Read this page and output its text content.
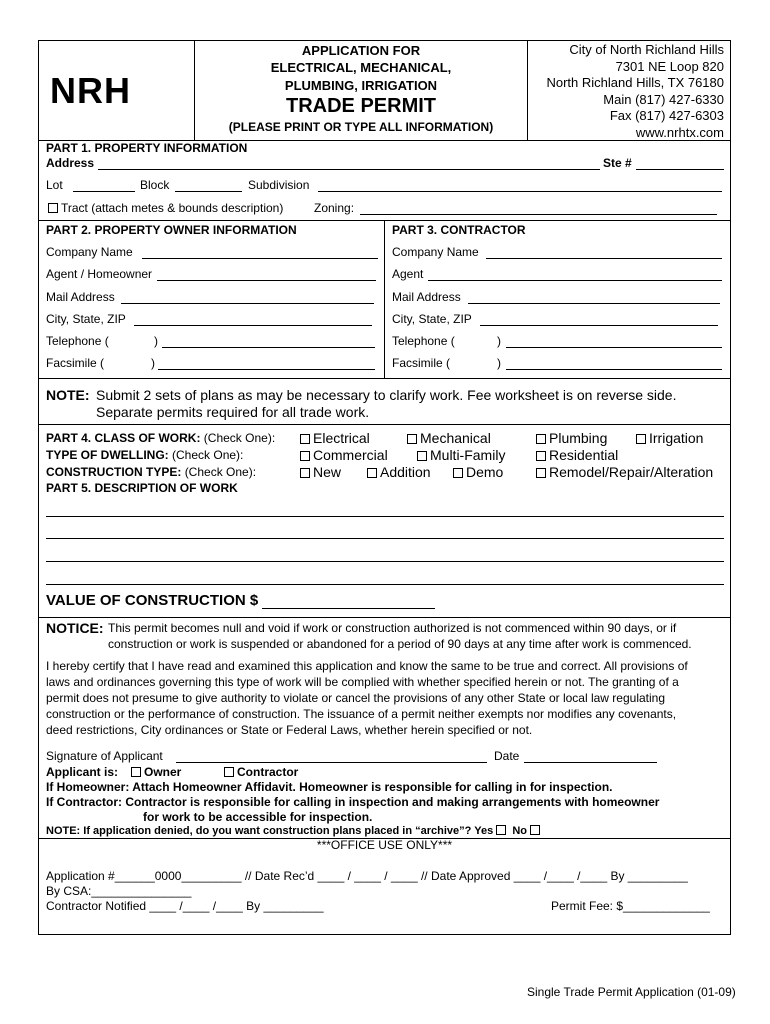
NRH
APPLICATION FOR
ELECTRICAL, MECHANICAL,
PLUMBING, IRRIGATION
TRADE PERMIT
(PLEASE PRINT OR TYPE ALL INFORMATION)
City of North Richland Hills
7301 NE Loop 820
North Richland Hills, TX 76180
Main (817) 427-6330
Fax (817) 427-6303
www.nrhtx.com
PART 1. PROPERTY INFORMATION
Address	Ste #
Lot	Block	Subdivision
Tract (attach metes & bounds description)	Zoning:
PART 2. PROPERTY OWNER INFORMATION
Company Name
Agent / Homeowner
Mail Address
City, State, ZIP
Telephone (	)
Facsimile (	)
PART 3. CONTRACTOR
Company Name
Agent
Mail Address
City, State, ZIP
Telephone (	)
Facsimile (	)
NOTE: Submit 2 sets of plans as may be necessary to clarify work. Fee worksheet is on reverse side.
Separate permits required for all trade work.
PART 4. CLASS OF WORK: (Check One):	Electrical	Mechanical	Plumbing	Irrigation
TYPE OF DWELLING: (Check One):	Commercial	Multi-Family	Residential
CONSTRUCTION TYPE: (Check One):	New	Addition	Demo	Remodel/Repair/Alteration
PART 5. DESCRIPTION OF WORK
VALUE OF CONSTRUCTION $
NOTICE: This permit becomes null and void if work or construction authorized is not commenced within 90 days, or if
construction or work is suspended or abandoned for a period of 90 days at any time after work is commenced.
I hereby certify that I have read and examined this application and know the same to be true and correct. All provisions of
laws and ordinances governing this type of work will be complied with whether specified herein or not. The granting of a
permit does not presume to give authority to violate or cancel the provisions of any other State or local law regulating
construction or the performance of construction. The issuance of a permit neither exempts nor modifies any covenants,
deed restrictions, City ordinances or State or Federal Laws, whether herein specified or not.
Signature of Applicant	Date
Applicant is:	Owner	Contractor
If Homeowner: Attach Homeowner Affidavit. Homeowner is responsible for calling in for inspection.
If Contractor: Contractor is responsible for calling in inspection and making arrangements with homeowner
for work to be accessible for inspection.
NOTE: If application denied, do you want construction plans placed in “archive”? Yes No
***OFFICE USE ONLY***
Application #______0000_________ // Date Rec’d ____ / ____ / ____ // Date Approved ____ /____ /____ By _________
By CSA:_______________
Contractor Notified ____ /____ /____ By _________	Permit Fee: $_____________
Single Trade Permit Application (01-09)
